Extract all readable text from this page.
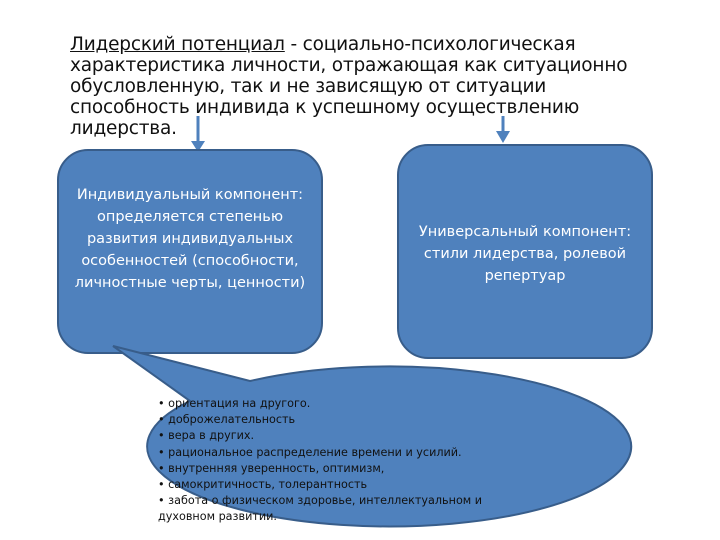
Лидерский потенциал - социально-психологическая характеристика личности, отражающая как ситуационно обусловленную, так и не зависящую от ситуации способность индивида к успешному осуществлению лидерства.
Индивидуальный компонент: определяется степенью развития индивидуальных особенностей (способности, личностные черты, ценности)
Универсальный компонент: стили лидерства, ролевой репертуар
• ориентация на другого.
• доброжелательность
• вера в других.
• рациональное распределение времени и усилий.
• внутренняя уверенность, оптимизм,
• самокритичность, толерантность
• забота о физическом здоровье, интеллектуальном и духовном развитии.
